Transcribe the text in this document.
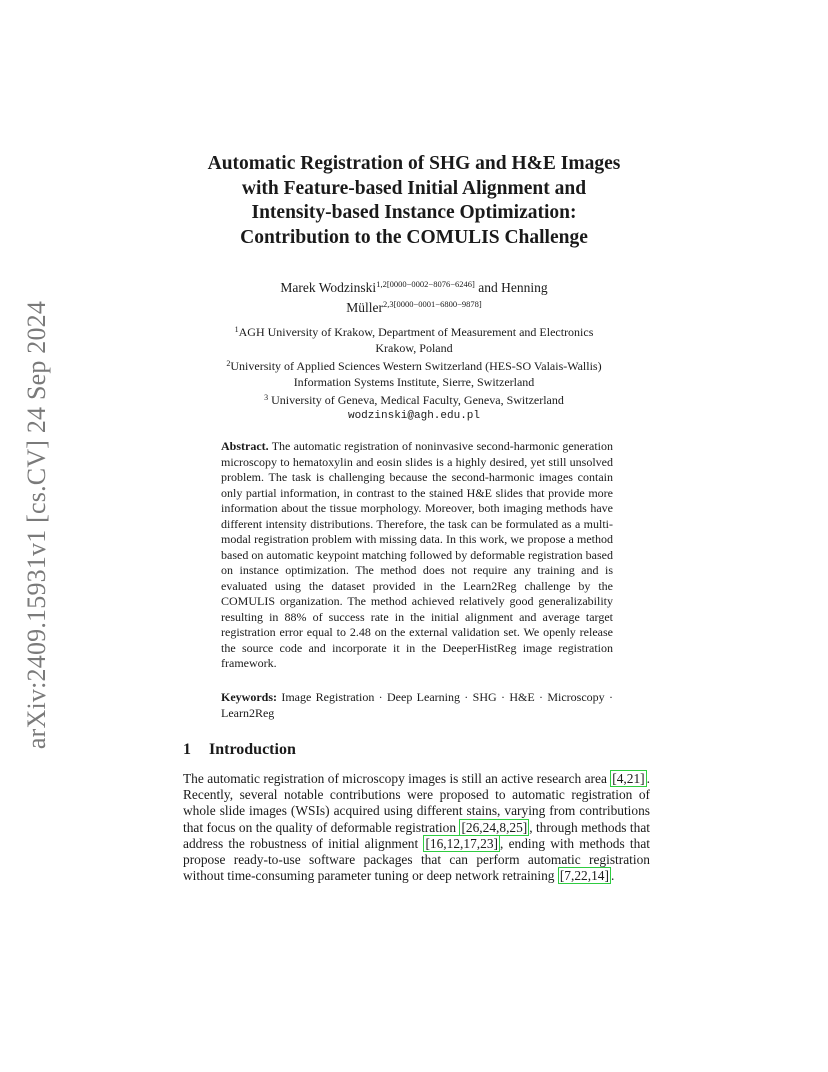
arXiv:2409.15931v1 [cs.CV] 24 Sep 2024
Automatic Registration of SHG and H&E Images
with Feature-based Initial Alignment and
Intensity-based Instance Optimization:
Contribution to the COMULIS Challenge
Marek Wodzinski$^{1,2[0000-0002-8076-6246]}$ and Henning
Müller$^{2,3[0000-0001-6800-9878]}$
$^1$AGH University of Krakow, Department of Measurement and Electronics
Krakow, Poland
$^2$University of Applied Sciences Western Switzerland (HES-SO Valais-Wallis)
Information Systems Institute, Sierre, Switzerland
$^3$ University of Geneva, Medical Faculty, Geneva, Switzerland
wodzinski@agh.edu.pl
Abstract. The automatic registration of noninvasive second-harmonic generation microscopy to hematoxylin and eosin slides is a highly desired, yet still unsolved problem. The task is challenging because the second-harmonic images contain only partial information, in contrast to the stained H&E slides that provide more information about the tissue morphology. Moreover, both imaging methods have different intensity distributions. Therefore, the task can be formulated as a multi-modal registration problem with missing data. In this work, we propose a method based on automatic keypoint matching followed by deformable registration based on instance optimization. The method does not require any training and is evaluated using the dataset provided in the Learn2Reg challenge by the COMULIS organization. The method achieved relatively good generalizability resulting in 88% of success rate in the initial alignment and average target registration error equal to 2.48 on the external validation set. We openly release the source code and incorporate it in the DeeperHistReg image registration framework.
Keywords: Image Registration · Deep Learning · SHG · H&E · Microscopy · Learn2Reg
1 Introduction
The automatic registration of microscopy images is still an active research area [4,21] . Recently, several notable contributions were proposed to automatic registration of whole slide images (WSIs) acquired using different stains, varying from contributions that focus on the quality of deformable registration [26,24,8,25] , through methods that address the robustness of initial alignment [16,12,17,23] , ending with methods that propose ready-to-use software packages that can perform automatic registration without time-consuming parameter tuning or deep network retraining [7,22,14] .
